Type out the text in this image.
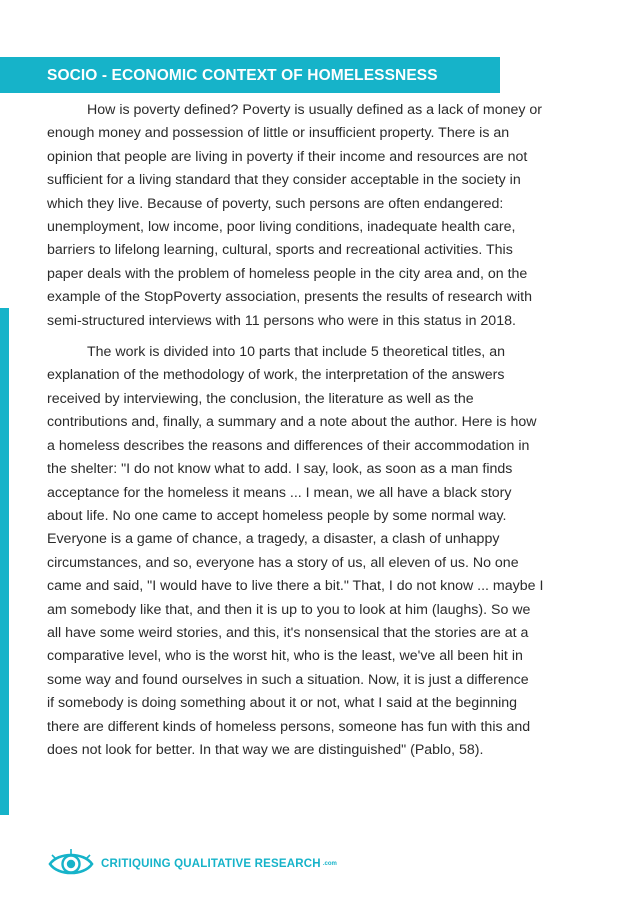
SOCIO - ECONOMIC CONTEXT OF HOMELESSNESS

How is poverty defined? Poverty is usually defined as a lack of money or
enough money and possession of little or insufficient property. There is an
opinion that people are living in poverty if their income and resources are not
sufficient for a living standard that they consider acceptable in the society in
which they live. Because of poverty, such persons are often endangered:
unemployment, low income, poor living conditions, inadequate health care,
barriers to lifelong learning, cultural, sports and recreational activities. This
paper deals with the problem of homeless people in the city area and, on the
example of the StopPoverty association, presents the results of research with
semi-structured interviews with 11 persons who were in this status in 2018.

The work is divided into 10 parts that include 5 theoretical titles, an
explanation of the methodology of work, the interpretation of the answers
received by interviewing, the conclusion, the literature as well as the
contributions and, finally, a summary and a note about the author. Here is how
a homeless describes the reasons and differences of their accommodation in
the shelter: "I do not know what to add. I say, look, as soon as a man finds
acceptance for the homeless it means ... I mean, we all have a black story
about life. No one came to accept homeless people by some normal way.
Everyone is a game of chance, a tragedy, a disaster, a clash of unhappy
circumstances, and so, everyone has a story of us, all eleven of us. No one
came and said, "I would have to live there a bit." That, I do not know ... maybe I
am somebody like that, and then it is up to you to look at him (laughs). So we
all have some weird stories, and this, it's nonsensical that the stories are at a
comparative level, who is the worst hit, who is the least, we've all been hit in
some way and found ourselves in such a situation. Now, it is just a difference
if somebody is doing something about it or not, what I said at the beginning
there are different kinds of homeless persons, someone has fun with this and
does not look for better. In that way we are distinguished" (Pablo, 58).

CRITIQUING QUALITATIVE RESEARCH .com
